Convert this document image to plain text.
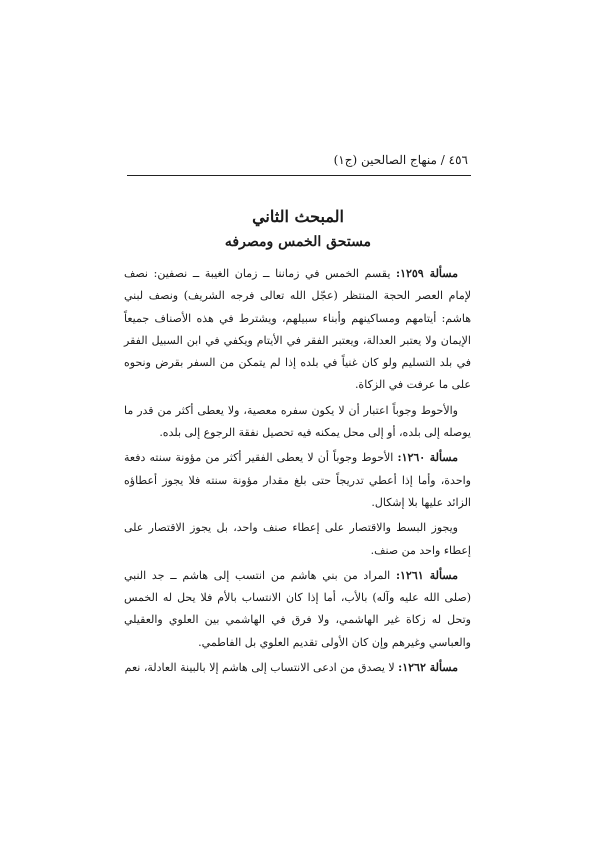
٤٥٦ / منهاج الصالحين (ج١)
المبحث الثاني
مستحق الخمس ومصرفه

مسألة ١٢٥٩: يقسم الخمس في زماننا ــ زمان الغيبة ــ نصفين: نصف لإمام العصر الحجة المنتظر (عجّل الله تعالى فرجه الشريف) ونصف لبني هاشم: أيتامهم ومساكينهم وأبناء سبيلهم، ويشترط في هذه الأصناف جميعاً الإيمان ولا يعتبر العدالة، ويعتبر الفقر في الأيتام ويكفي في ابن السبيل الفقر في بلد التسليم ولو كان غنياً في بلده إذا لم يتمكن من السفر بقرض ونحوه على ما عرفت في الزكاة.

والأحوط وجوباً اعتبار أن لا يكون سفره معصية، ولا يعطى أكثر من قدر ما يوصله إلى بلده، أو إلى محل يمكنه فيه تحصيل نفقة الرجوع إلى بلده.

مسألة ١٢٦٠: الأحوط وجوباً أن لا يعطى الفقير أكثر من مؤونة سنته دفعة واحدة، وأما إذا أعطي تدريجاً حتى بلغ مقدار مؤونة سنته فلا يجوز أعطاؤه الزائد عليها بلا إشكال.

ويجوز البسط والاقتصار على إعطاء صنف واحد، بل يجوز الاقتصار على إعطاء واحد من صنف.

مسألة ١٢٦١: المراد من بني هاشم من انتسب إلى هاشم ــ جد النبي (صلى الله عليه وآله) بالأب، أما إذا كان الانتساب بالأم فلا يحل له الخمس وتحل له زكاة غير الهاشمي، ولا فرق في الهاشمي بين العلوي والعقيلي والعباسي وغيرهم وإن كان الأولى تقديم العلوي بل الفاطمي.

مسألة ١٢٦٢: لا يصدق من ادعى الانتساب إلى هاشم إلا بالبينة العادلة، نعم
